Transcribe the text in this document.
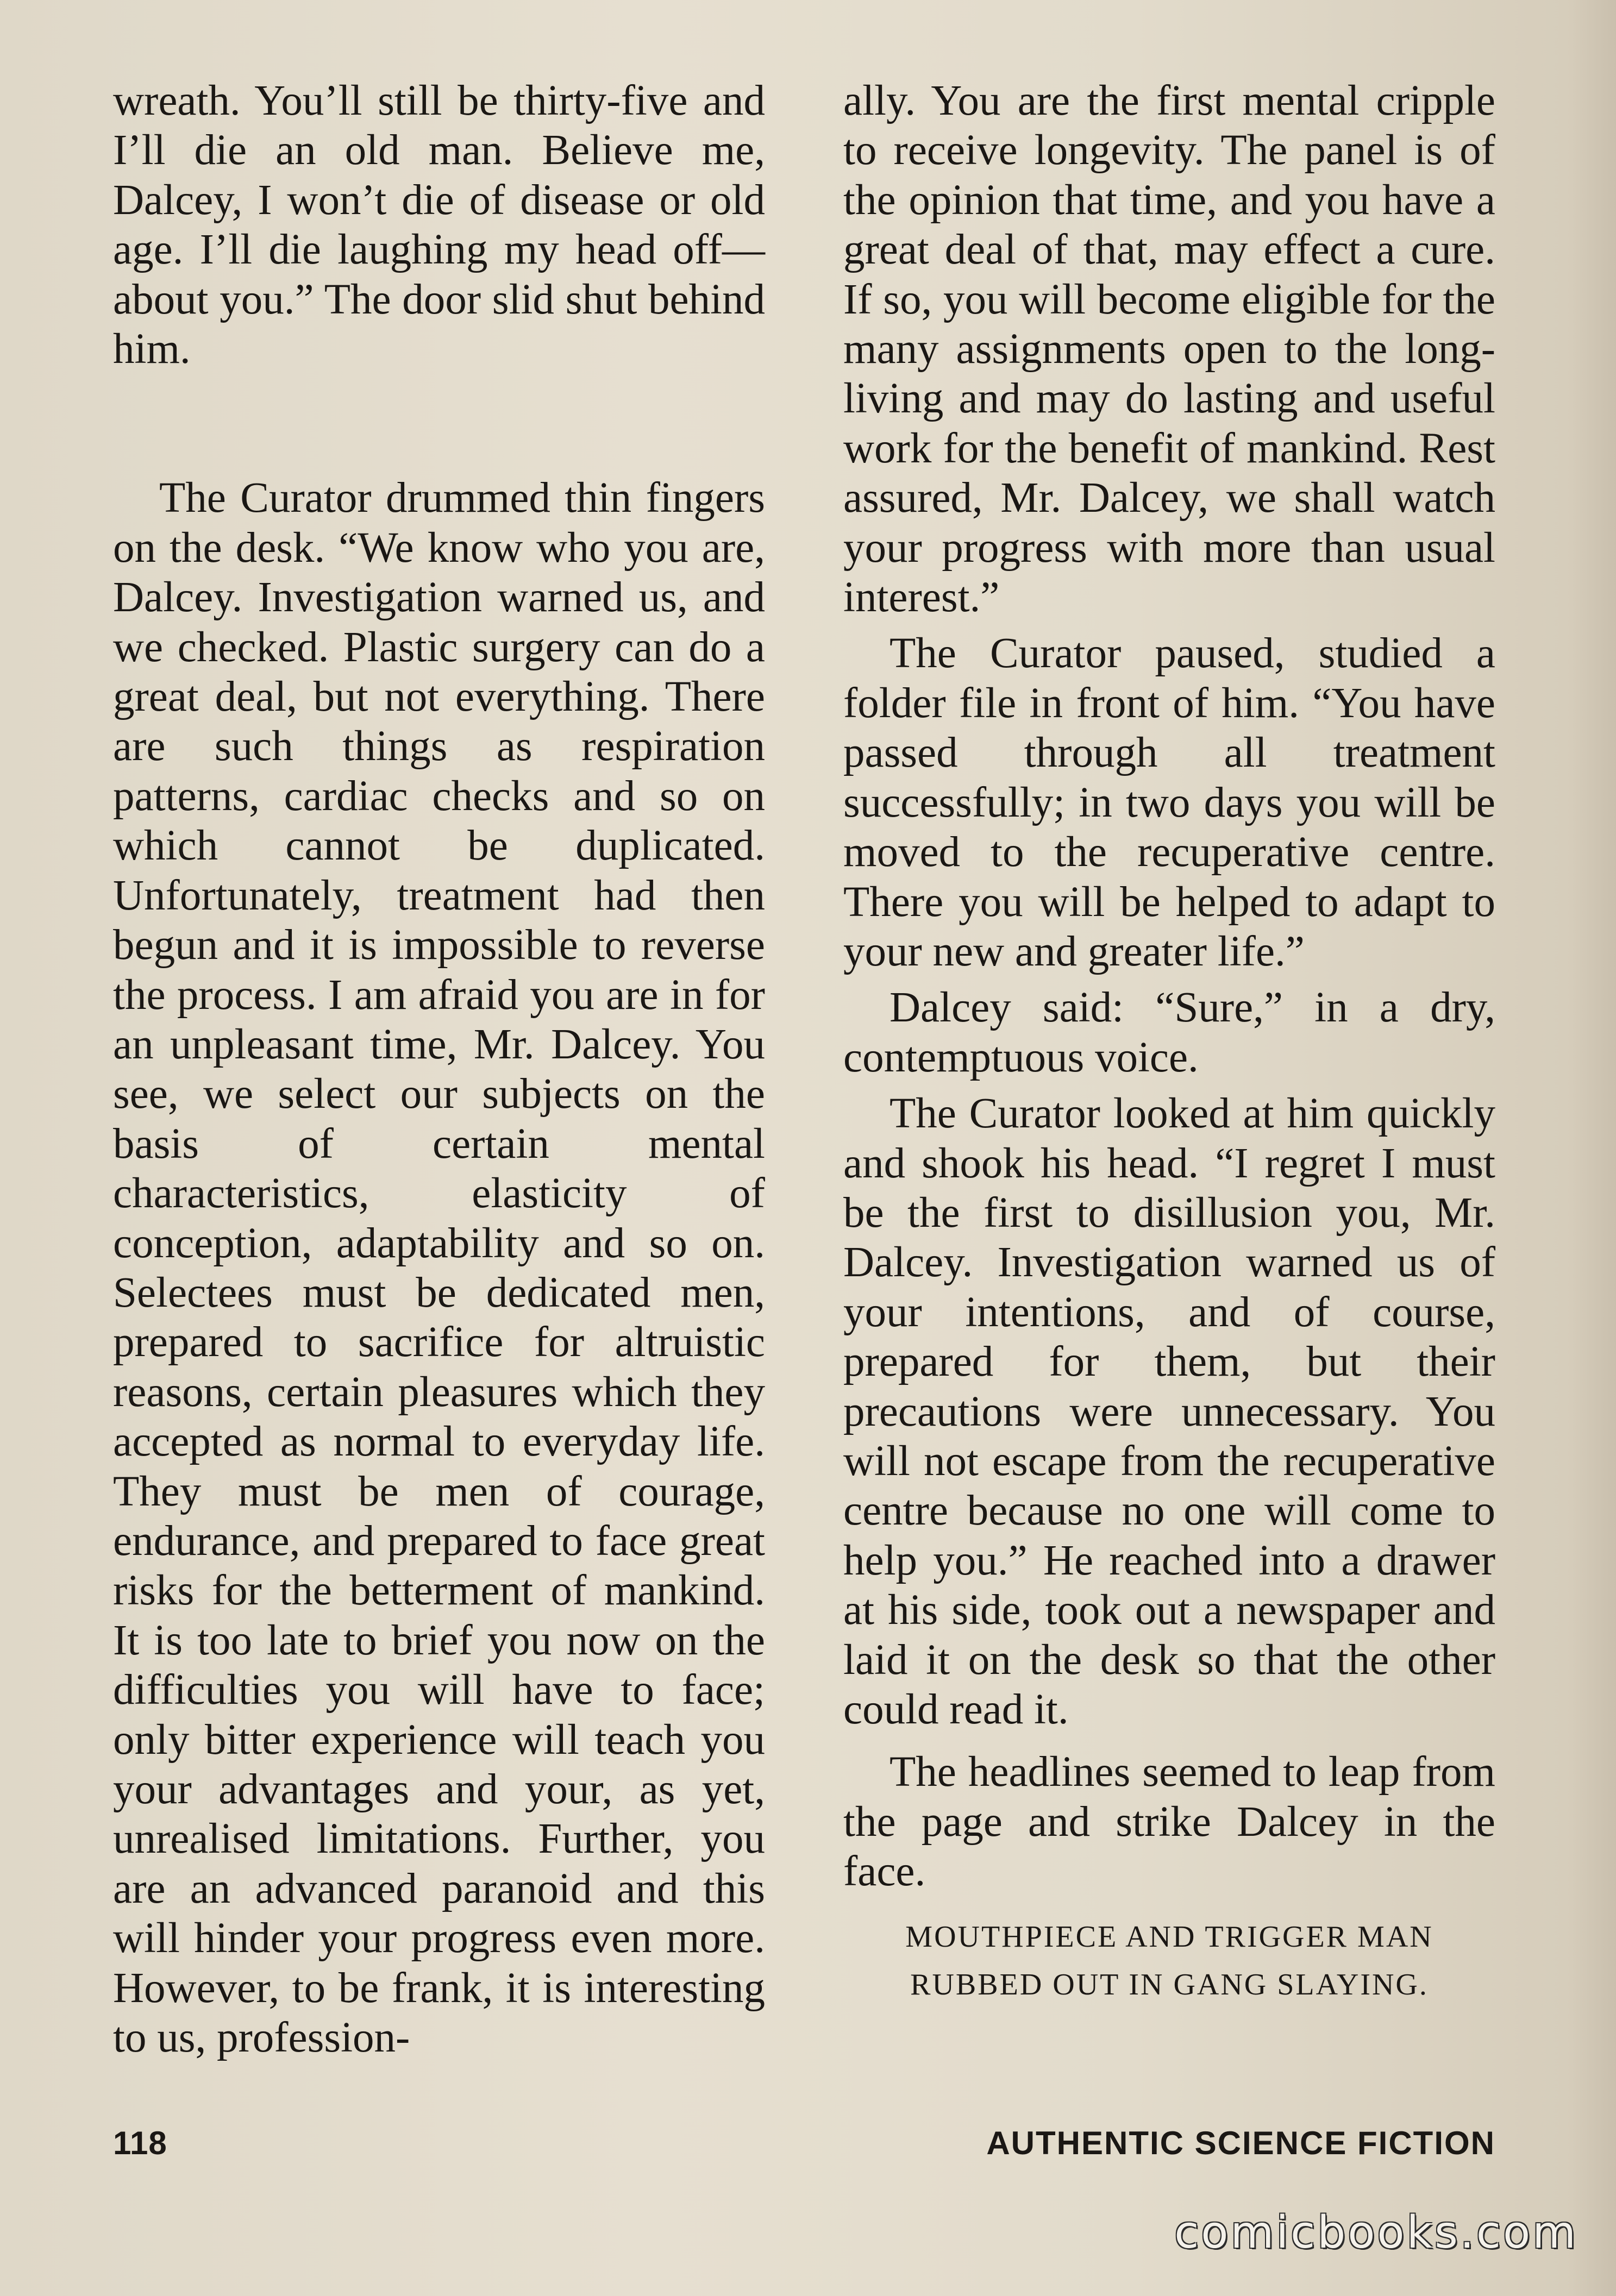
wreath. You’ll still be thirty-five and I’ll die an old man. Believe me, Dalcey, I won’t die of disease or old age. I’ll die laughing my head off—about you.” The door slid shut behind him.

The Curator drummed thin fingers on the desk. “We know who you are, Dalcey. Investigation warned us, and we checked. Plastic surgery can do a great deal, but not everything. There are such things as respiration patterns, cardiac checks and so on which cannot be duplicated. Unfortunately, treatment had then begun and it is impossible to reverse the process. I am afraid you are in for an unpleasant time, Mr. Dalcey. You see, we select our subjects on the basis of certain mental characteristics, elasticity of conception, adaptability and so on. Selectees must be dedicated men, prepared to sacrifice for altruistic reasons, certain pleasures which they accepted as normal to everyday life. They must be men of courage, endurance, and prepared to face great risks for the betterment of mankind. It is too late to brief you now on the difficulties you will have to face; only bitter experience will teach you your advantages and your, as yet, unrealised limitations. Further, you are an advanced paranoid and this will hinder your progress even more. However, to be frank, it is interesting to us, profession-

ally. You are the first mental cripple to receive longevity. The panel is of the opinion that time, and you have a great deal of that, may effect a cure. If so, you will become eligible for the many assignments open to the long-living and may do lasting and useful work for the benefit of mankind. Rest assured, Mr. Dalcey, we shall watch your progress with more than usual interest.”

The Curator paused, studied a folder file in front of him. “You have passed through all treatment successfully; in two days you will be moved to the recuperative centre. There you will be helped to adapt to your new and greater life.”

Dalcey said: “Sure,” in a dry, contemptuous voice.

The Curator looked at him quickly and shook his head. “I regret I must be the first to disillusion you, Mr. Dalcey. Investigation warned us of your intentions, and of course, prepared for them, but their precautions were unnecessary. You will not escape from the recuperative centre because no one will come to help you.” He reached into a drawer at his side, took out a newspaper and laid it on the desk so that the other could read it.

The headlines seemed to leap from the page and strike Dalcey in the face.

MOUTHPIECE AND TRIGGER MAN
RUBBED OUT IN GANG SLAYING.
118	AUTHENTIC SCIENCE FICTION
comicbooks.com
